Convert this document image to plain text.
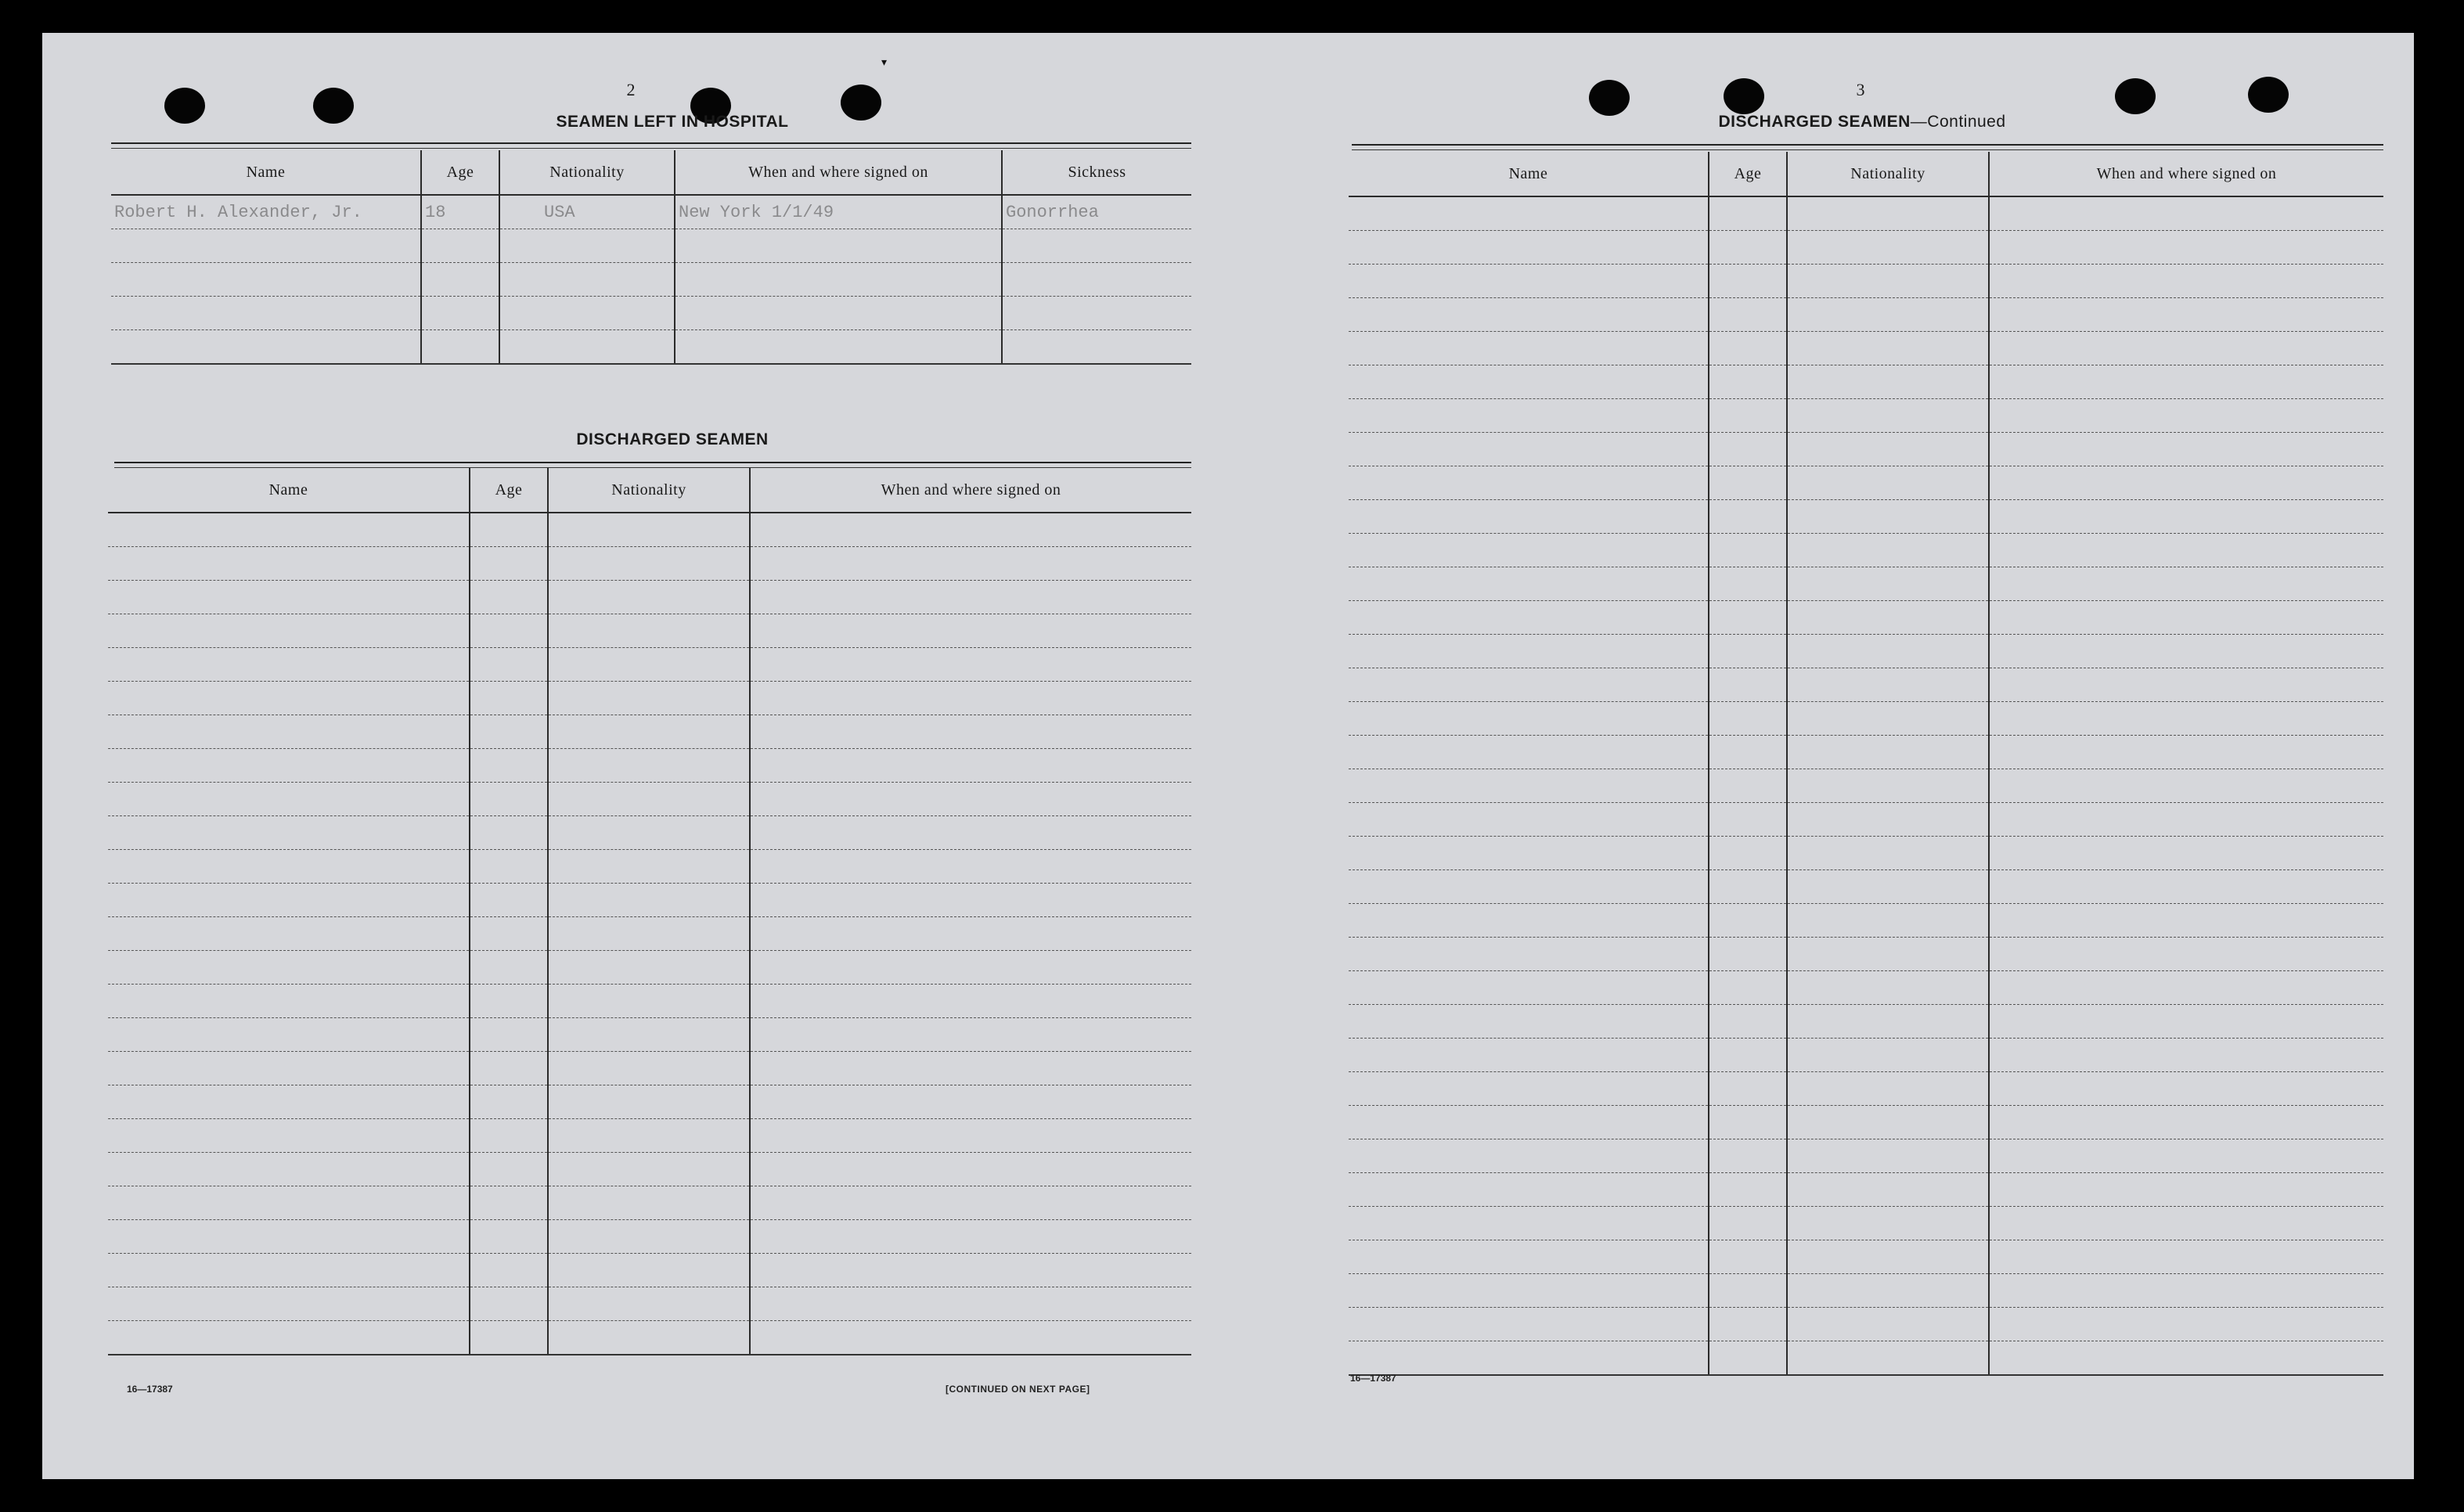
▾
2
SEAMEN LEFT IN HOSPITAL
Name	Age	Nationality	When and where signed on	Sickness
Robert H. Alexander, Jr.	18	USA	New York 1/1/49	Gonorrhea

DISCHARGED SEAMEN
Name	Age	Nationality	When and where signed on

16—17387	[CONTINUED ON NEXT PAGE]
3
DISCHARGED SEAMEN—Continued
Name	Age	Nationality	When and where signed on

16—17387
